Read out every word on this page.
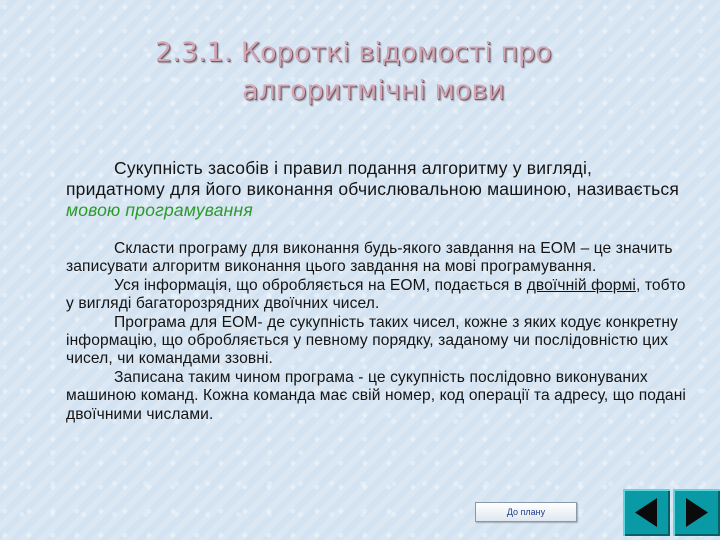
2.3.1. Короткі відомості про
алгоритмічні мови
Сукупність засобів і правил подання алгоритму у вигляді, придатному для його виконання обчислювальною машиною, називається мовою програмування
Скласти програму для виконання будь-якого завдання на ЕОМ – це значить записувати алгоритм виконання цього завдання на мові програмування.
Уся інформація, що обробляється на ЕОМ, подається в двоїчній формі, тобто у вигляді багаторозрядних двоїчних чисел.
Програма для ЕОМ- де сукупність таких чисел, кожне з яких кодує конкретну інформацію, що обробляється у певному порядку, заданому чи послідовністю цих чисел, чи командами ззовні.
Записана таким чином програма - це сукупність послідовно виконуваних машиною команд. Кожна команда має свій номер, код операції та адресу, що подані двоїчними числами.
До плану
